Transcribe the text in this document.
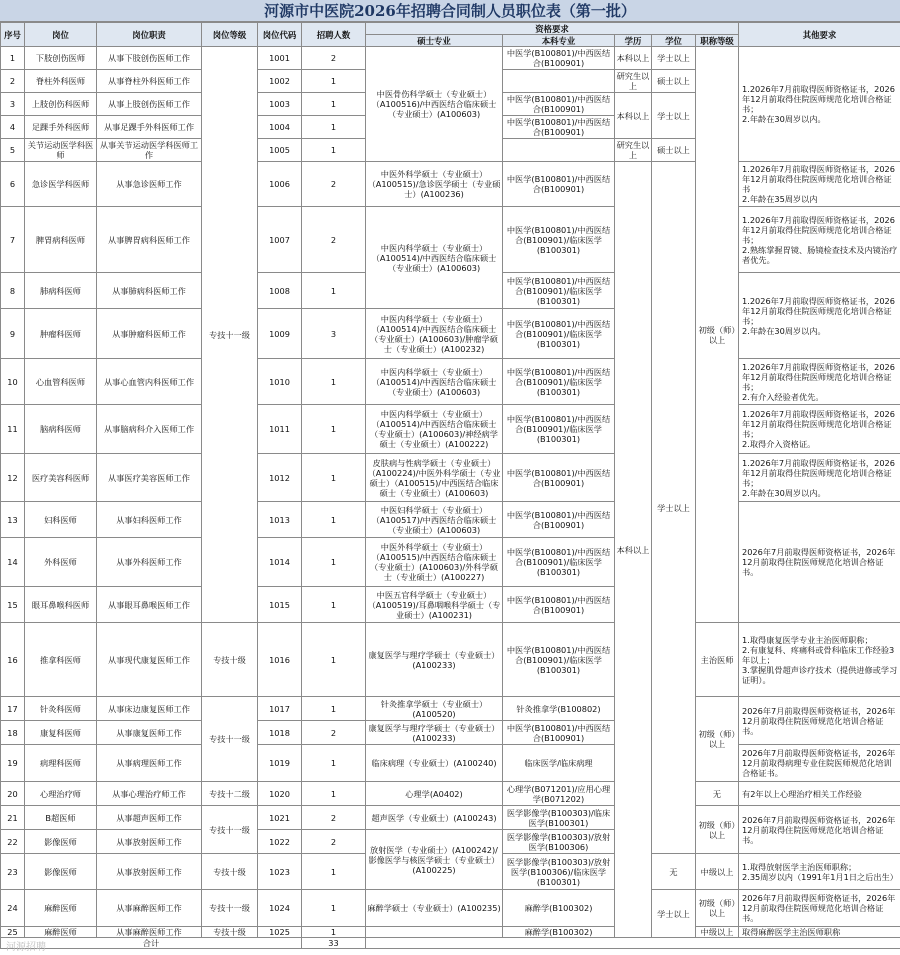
河源市中医院2026年招聘合同制人员职位表（第一批）
序号	岗位	岗位职责	岗位等级	岗位代码	招聘人数	资格要求					其他要求
						硕士专业	本科专业	学历	学位	职称等级	
1	下肢创伤医师	从事下肢创伤医师工作	专技十一级	1001	2	中医骨伤科学硕士（专业硕士）（A100516)/中西医结合临床硕士（专业硕士）(A100603)	中医学(B100801)/中西医结合(B100901)	本科以上	学士以上	初级（师）以上	1.2026年7月前取得医师资格证书，2026年12月前取得住院医师规范化培训合格证书；
2.年龄在30周岁以内。
2	脊柱外科医师	从事脊柱外科医师工作		1002	1			研究生以上	硕士以上		
3	上肢创伤科医师	从事上肢创伤医师工作		1003	1		中医学(B100801)/中西医结合(B100901)	本科以上	学士以上		
4	足踝手外科医师	从事足踝手外科医师工作		1004	1		中医学(B100801)/中西医结合(B100901)				
5	关节运动医学科医师	从事关节运动医学科医师工作		1005	1			研究生以上	硕士以上		
6	急诊医学科医师	从事急诊医师工作		1006	2	中医外科学硕士（专业硕士）（A100515)/急诊医学硕士（专业硕士）(A100236)	中医学(B100801)/中西医结合(B100901)	本科以上	学士以上		1.2026年7月前取得医师资格证书，2026年12月前取得住院医师规范化培训合格证书
2.年龄在35周岁以内
7	脾胃病科医师	从事脾胃病科医师工作		1007	2	中医内科学硕士（专业硕士）（A100514)/中西医结合临床硕士（专业硕士）(A100603)	中医学(B100801)/中西医结合(B100901)/临床医学(B100301)				1.2026年7月前取得医师资格证书，2026年12月前取得住院医师规范化培训合格证书；
2.熟练掌握胃镜、肠镜检查技术及内镜治疗者优先。
8	肺病科医师	从事肺病科医师工作		1008	1		中医学(B100801)/中西医结合(B100901)/临床医学(B100301)				1.2026年7月前取得医师资格证书，2026年12月前取得住院医师规范化培训合格证书；
2.年龄在30周岁以内。
9	肿瘤科医师	从事肿瘤科医师工作		1009	3	中医内科学硕士（专业硕士）（A100514)/中西医结合临床硕士（专业硕士）(A100603)/肿瘤学硕士（专业硕士）(A100232)	中医学(B100801)/中西医结合(B100901)/临床医学(B100301)				
10	心血管科医师	从事心血管内科医师工作		1010	1	中医内科学硕士（专业硕士）（A100514)/中西医结合临床硕士（专业硕士）(A100603)	中医学(B100801)/中西医结合(B100901)/临床医学(B100301)				1.2026年7月前取得医师资格证书，2026年12月前取得住院医师规范化培训合格证书；
2.有介入经验者优先。
11	脑病科医师	从事脑病科介入医师工作		1011	1	中医内科学硕士（专业硕士）（A100514)/中西医结合临床硕士（专业硕士）(A100603)/神经病学硕士（专业硕士）(A100222)	中医学(B100801)/中西医结合(B100901)/临床医学(B100301)				1.2026年7月前取得医师资格证书，2026年12月前取得住院医师规范化培训合格证书；
2.取得介入资格证。
12	医疗美容科医师	从事医疗美容医师工作		1012	1	皮肤病与性病学硕士（专业硕士）（A100224)/中医外科学硕士（专业硕士）（A100515)/中西医结合临床硕士（专业硕士）(A100603)	中医学(B100801)/中西医结合(B100901)				1.2026年7月前取得医师资格证书，2026年12月前取得住院医师规范化培训合格证书；
2.年龄在30周岁以内。
13	妇科医师	从事妇科医师工作		1013	1	中医妇科学硕士（专业硕士）（A100517)/中西医结合临床硕士（专业硕士）(A100603)	中医学(B100801)/中西医结合(B100901)				2026年7月前取得医师资格证书，2026年12月前取得住院医师规范化培训合格证书。
14	外科医师	从事外科医师工作		1014	1	中医外科学硕士（专业硕士）（A100515)/中西医结合临床硕士（专业硕士）(A100603)/外科学硕士（专业硕士）(A100227)	中医学(B100801)/中西医结合(B100901)/临床医学(B100301)				
15	眼耳鼻喉科医师	从事眼耳鼻喉医师工作		1015	1	中医五官科学硕士（专业硕士）（A100519)/耳鼻咽喉科学硕士（专业硕士）(A100231)	中医学(B100801)/中西医结合(B100901)				
16	推拿科医师	从事现代康复医师工作	专技十级	1016	1	康复医学与理疗学硕士（专业硕士）(A100233)	中医学(B100801)/中西医结合(B100901)/临床医学(B100301)			主治医师	1.取得康复医学专业主治医师职称；
2.有康复科、疼痛科或骨科临床工作经验3年以上；
3.掌握肌骨超声诊疗技术（提供进修或学习证明）。
17	针灸科医师	从事床边康复医师工作	专技十一级	1017	1	针灸推拿学硕士（专业硕士）(A100520)	针灸推拿学(B100802)			初级（师）以上	2026年7月前取得医师资格证书，2026年12月前取得住院医师规范化培训合格证书。
18	康复科医师	从事康复医师工作		1018	2	康复医学与理疗学硕士（专业硕士）(A100233)	中医学(B100801)/中西医结合(B100901)				
19	病理科医师	从事病理医师工作		1019	1	临床病理（专业硕士）(A100240)	临床医学/临床病理				2026年7月前取得医师资格证书，2026年12月前取得病理专业住院医师规范化培训合格证书。
20	心理治疗师	从事心理治疗师工作	专技十二级	1020	1	心理学(A0402)	心理学(B071201)/应用心理学(B071202)			无	有2年以上心理治疗相关工作经验
21	B超医师	从事超声医师工作	专技十一级	1021	2	超声医学（专业硕士）(A100243)	医学影像学(B100303)/临床医学(B100301)			初级（师）以上	2026年7月前取得医师资格证书，2026年12月前取得住院医师规范化培训合格证书。
22	影像医师	从事放射医师工作		1022	2	放射医学（专业硕士）(A100242)/影像医学与核医学硕士（专业硕士）(A100225)	医学影像学(B100303)/放射医学(B100306)				
23	影像医师	从事放射医师工作	专技十级	1023	1		医学影像学(B100303)/放射医学(B100306)/临床医学(B100301)		无	中级以上	1.取得放射医学主治医师职称；
2.35周岁以内（1991年1月1日之后出生）
24	麻醉医师	从事麻醉医师工作	专技十一级	1024	1	麻醉学硕士（专业硕士）(A100235)	麻醉学(B100302)		学士以上	初级（师）以上	2026年7月前取得医师资格证书，2026年12月前取得住院医师规范化培训合格证书。
25	麻醉医师	从事麻醉医师工作	专技十级	1025	1		麻醉学(B100302)			中级以上	取得麻醉医学主治医师职称
合计					33						
河源招聘
